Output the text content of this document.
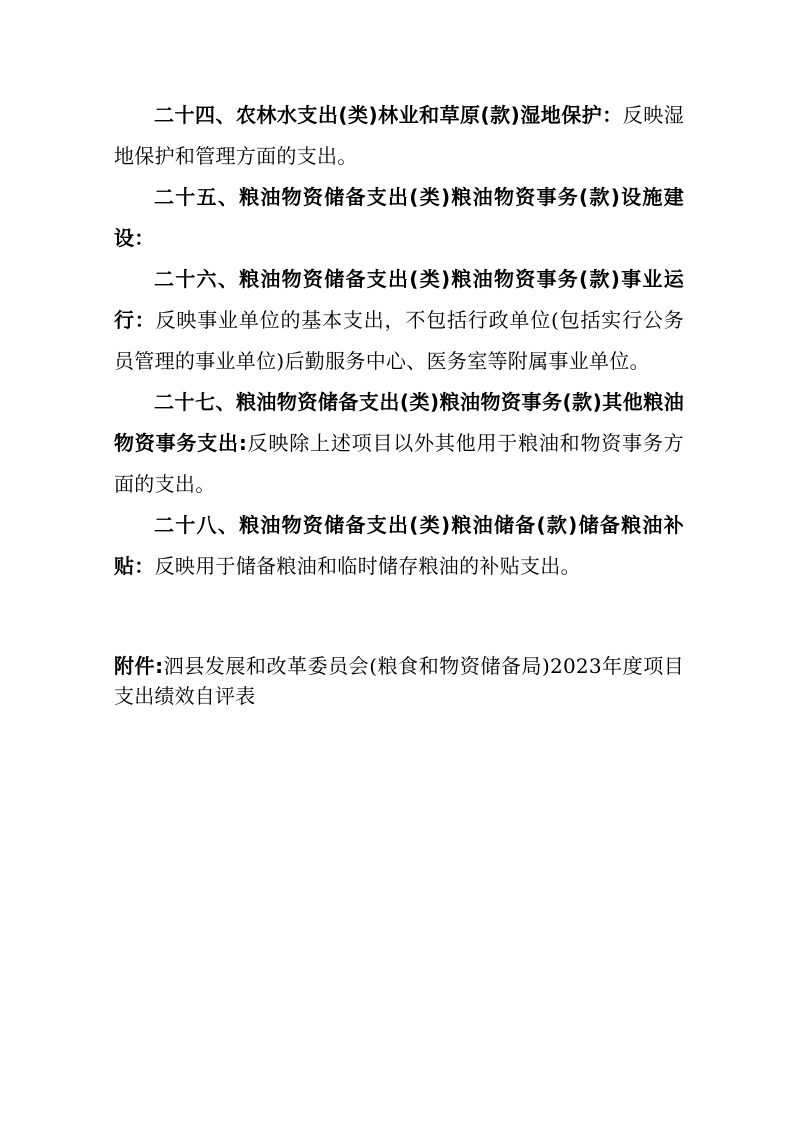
二十四、农林水支出(类)林业和草原(款)湿地保护：反映湿地保护和管理方面的支出。

二十五、粮油物资储备支出(类)粮油物资事务(款)设施建设：

二十六、粮油物资储备支出(类)粮油物资事务(款)事业运行：反映事业单位的基本支出，不包括行政单位(包括实行公务员管理的事业单位)后勤服务中心、医务室等附属事业单位。

二十七、粮油物资储备支出(类)粮油物资事务(款)其他粮油物资事务支出:反映除上述项目以外其他用于粮油和物资事务方面的支出。

二十八、粮油物资储备支出(类)粮油储备(款)储备粮油补贴：反映用于储备粮油和临时储存粮油的补贴支出。

附件:泗县发展和改革委员会(粮食和物资储备局)2023年度项目支出绩效自评表
